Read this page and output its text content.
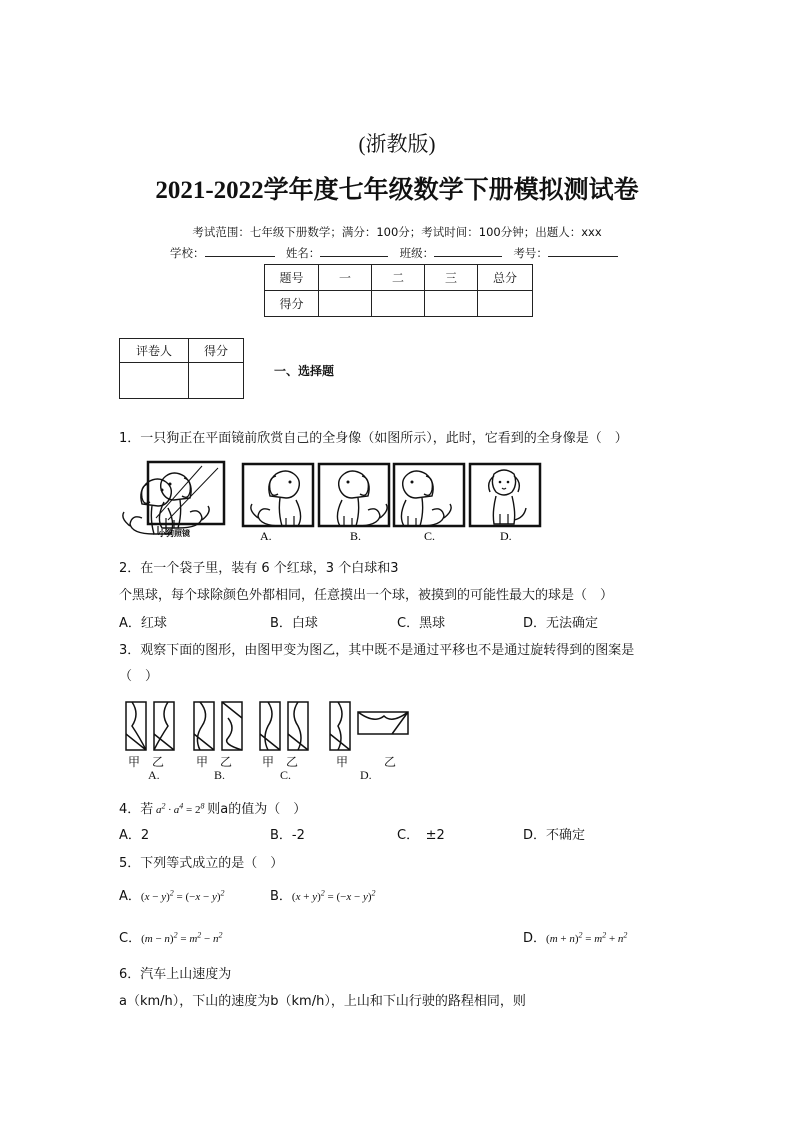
(浙教版)
2021-2022学年度七年级数学下册模拟测试卷
考试范围：七年级下册数学；满分：100分；考试时间：100分钟；出题人：xxx
学校：	姓名：	班级：	考号：
题号	一	二	三	总分
得分				
评卷人	得分

一、选择题
1．一只狗正在平面镜前欣赏自己的全身像（如图所示），此时，它看到的全身像是（　）
小狗照镜	A.	B.	C.	D.
2．在一个袋子里，装有 6 个红球，3 个白球和3
个黑球，每个球除颜色外都相同，任意摸出一个球，被摸到的可能性最大的球是（　）
A．红球	B．白球	C．黑球	D．无法确定
3．观察下面的图形，由图甲变为图乙，其中既不是通过平移也不是通过旋转得到的图案是
（　）
甲　乙	甲　乙 甲　乙	甲	乙
A.	B.	C.	D.
4．若 $a^2 \cdot a^4 = 2^8$ 则a的值为（　）
A．2	B．-2	C．　±2	D．不确定
5．下列等式成立的是（　）
A．$(x - y)^2 = (-x - y)^2$	B．$(x + y)^2 = (-x - y)^2$
C．$(m - n)^2 = m^2 - n^2$	D．$(m + n)^2 = m^2 + n^2$
6．汽车上山速度为
a（km/h），下山的速度为b（km/h），上山和下山行驶的路程相同，则
